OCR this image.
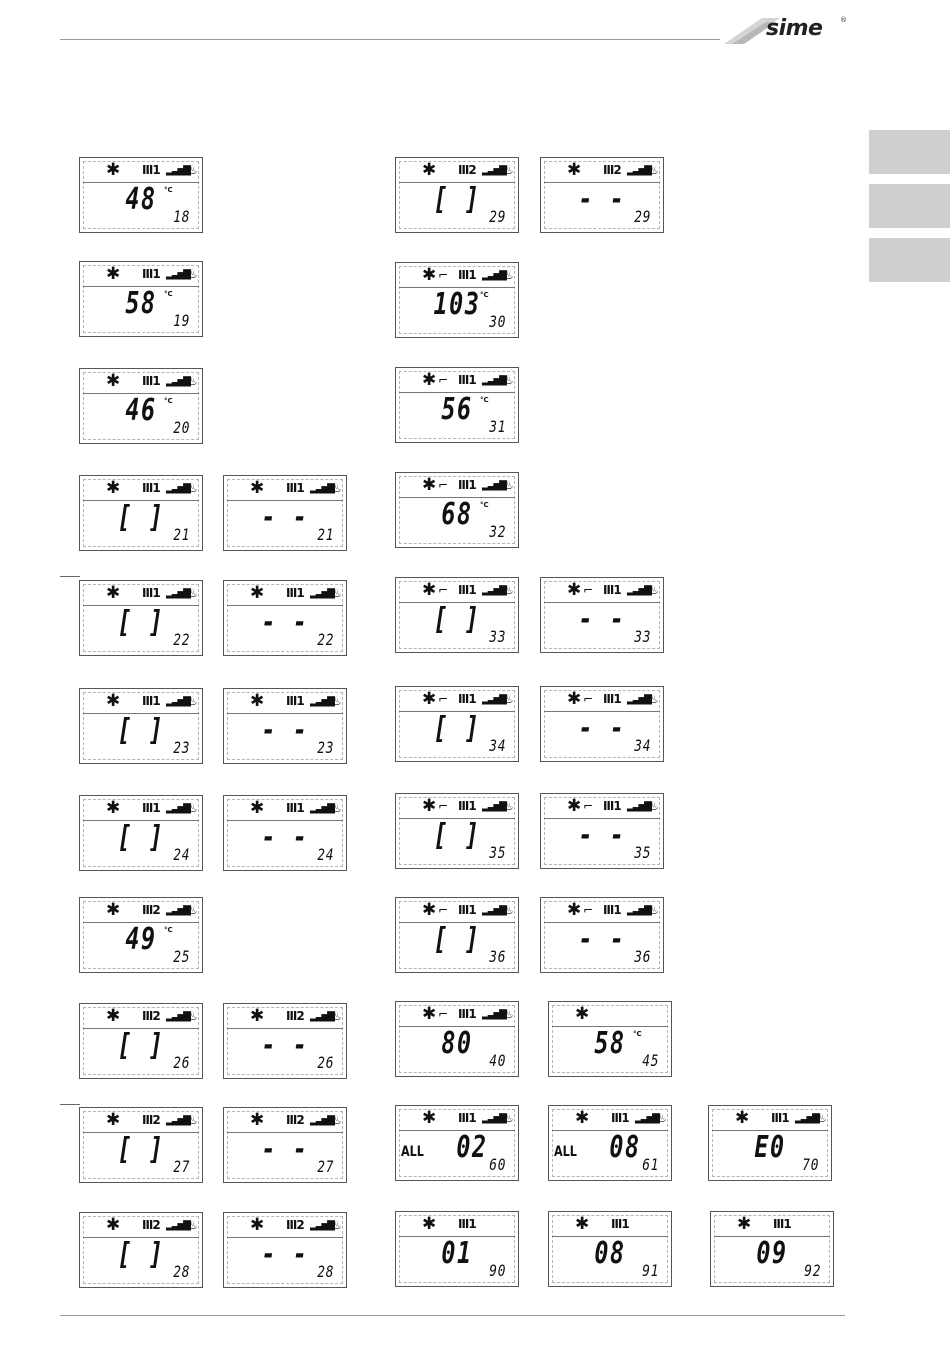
sime	®
✱ Ⅲ1 ▂▃▅▇
♨
48	°C
18
✱ Ⅲ1 ▂▃▅▇
♨
58	°C
19
✱ Ⅲ1 ▂▃▅▇
♨
46	°C
20
✱ Ⅲ1 ▂▃▅▇
♨
[ ] 21
✱ Ⅲ1 ▂▃▅▇
♨
- - 21
✱ Ⅲ1 ▂▃▅▇
♨
[ ] 22
✱ Ⅲ1 ▂▃▅▇
♨
- - 22
✱ Ⅲ1 ▂▃▅▇
♨
[ ] 23
✱ Ⅲ1 ▂▃▅▇
♨
- - 23
✱ Ⅲ1 ▂▃▅▇
♨
[ ] 24
✱ Ⅲ1 ▂▃▅▇
♨
- - 24
✱ Ⅲ2 ▂▃▅▇
♨
49	°C
25
✱ Ⅲ2 ▂▃▅▇
♨
[ ] 26
✱ Ⅲ2 ▂▃▅▇
♨
- - 26
✱ Ⅲ2 ▂▃▅▇
♨
[ ] 27
✱ Ⅲ2 ▂▃▅▇
♨
- - 27
✱ Ⅲ2 ▂▃▅▇
♨
[ ] 28
✱ Ⅲ2 ▂▃▅▇
♨
- - 28
✱ Ⅲ2 ▂▃▅▇
♨
[ ] 29
✱ Ⅲ2 ▂▃▅▇
♨
- - 29
✱ ⌐ Ⅲ1 ▂▃▅▇
♨
103 °C
30
✱ ⌐ Ⅲ1 ▂▃▅▇
♨
56	°C
31
✱ ⌐ Ⅲ1 ▂▃▅▇
♨
68	°C
32
✱ ⌐ Ⅲ1 ▂▃▅▇
♨
[ ] 33
✱ ⌐ Ⅲ1 ▂▃▅▇
♨
- - 33
✱ ⌐ Ⅲ1 ▂▃▅▇
♨
[ ] 34
✱ ⌐ Ⅲ1 ▂▃▅▇
♨
- - 34
✱ ⌐ Ⅲ1 ▂▃▅▇
♨
[ ] 35
✱ ⌐ Ⅲ1 ▂▃▅▇
♨
- - 35
✱ ⌐ Ⅲ1 ▂▃▅▇
♨
[ ] 36
✱ ⌐ Ⅲ1 ▂▃▅▇
♨
- - 36
✱ ⌐ Ⅲ1 ▂▃▅▇
♨
80	40
✱
58	°C
45
✱ Ⅲ1 ▂▃▅▇
♨
ALL	02 60
✱ Ⅲ1 ▂▃▅▇
♨
ALL	08 61
✱ Ⅲ1 ▂▃▅▇
♨
E0	70
✱ Ⅲ1
01	90
✱ Ⅲ1
08	91
✱ Ⅲ1
09	92
